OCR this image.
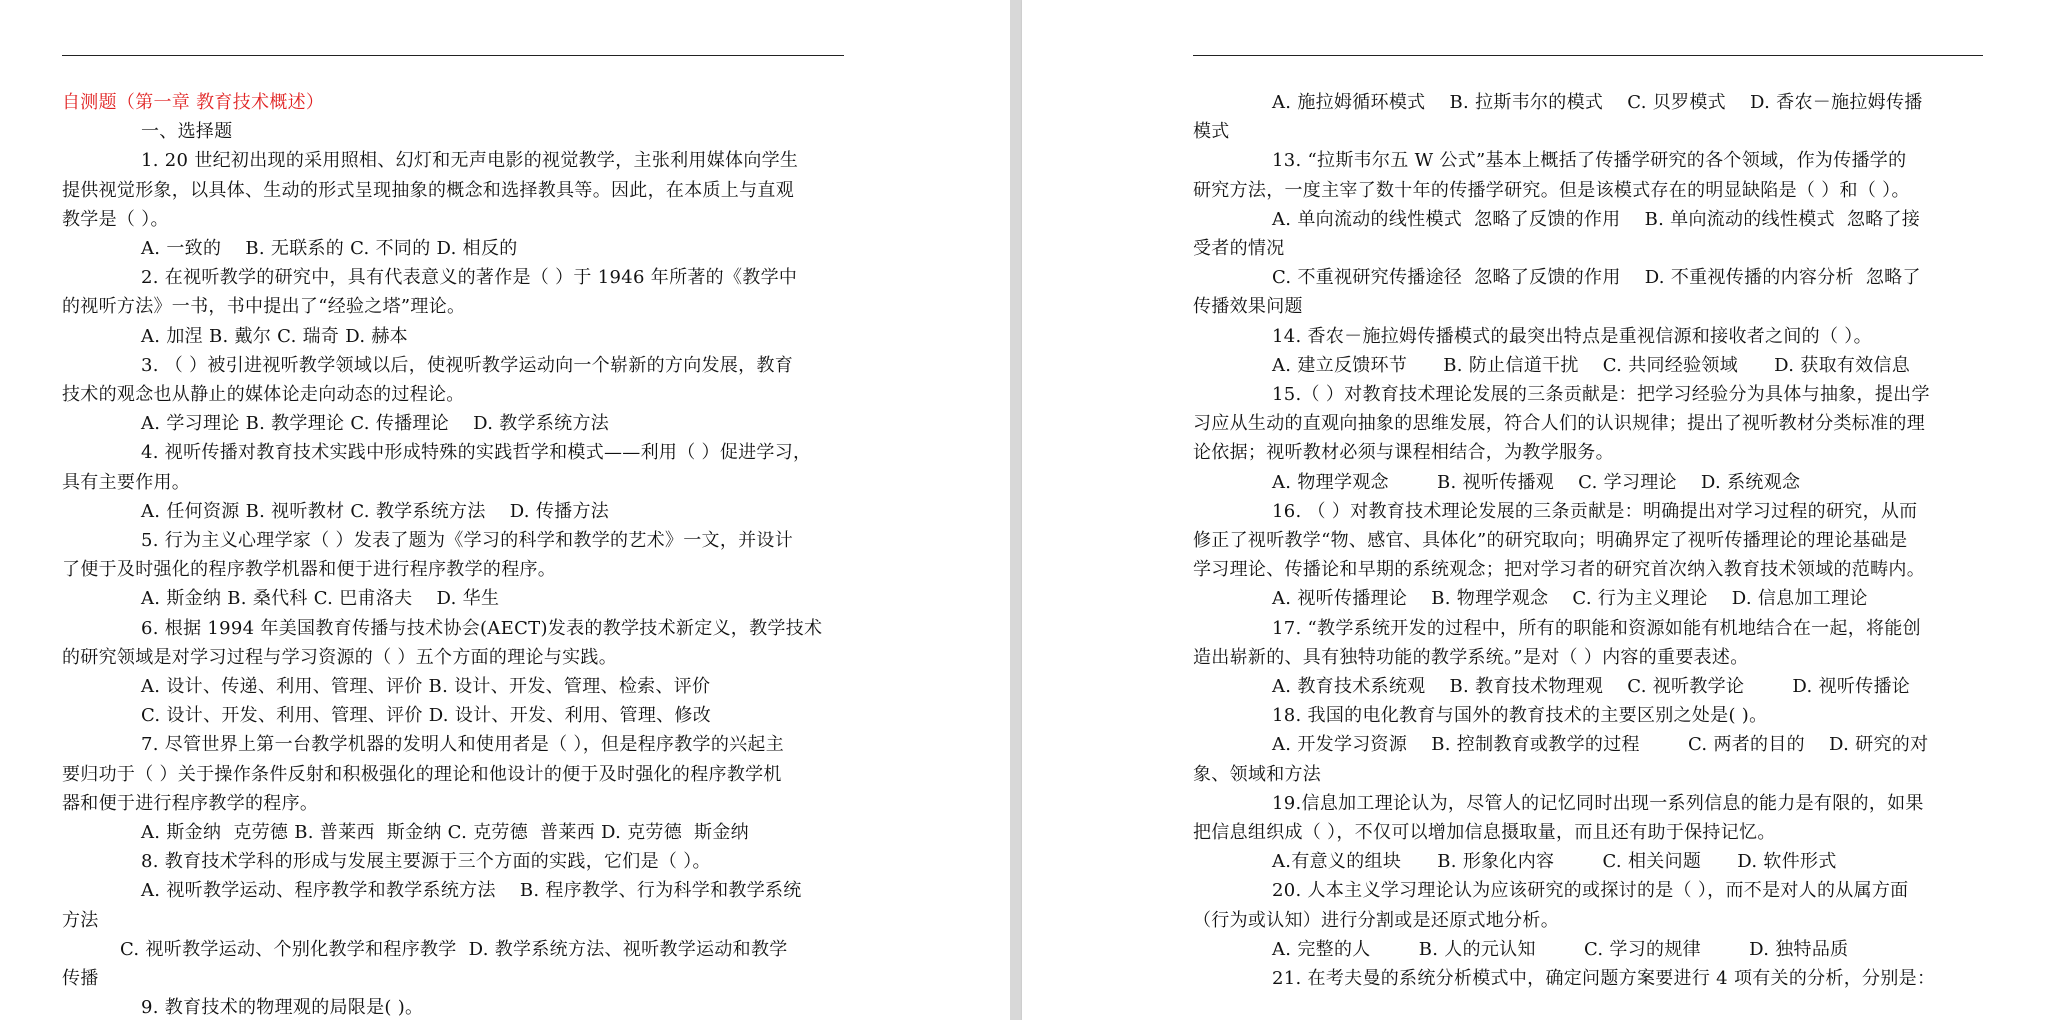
自测题（第一章 教育技术概述）
一、选择题
1. 20 世纪初出现的采用照相、幻灯和无声电影的视觉教学，主张利用媒体向学生
提供视觉形象，以具体、生动的形式呈现抽象的概念和选择教具等。因此，在本质上与直观
教学是（ ）。
A. 一致的    B. 无联系的 C. 不同的 D. 相反的
2. 在视听教学的研究中，具有代表意义的著作是（ ）于 1946 年所著的《教学中
的视听方法》一书，书中提出了“经验之塔”理论。
A. 加涅 B. 戴尔 C. 瑞奇 D. 赫本
3. （ ）被引进视听教学领域以后，使视听教学运动向一个崭新的方向发展，教育
技术的观念也从静止的媒体论走向动态的过程论。
A. 学习理论 B. 教学理论 C. 传播理论    D. 教学系统方法
4. 视听传播对教育技术实践中形成特殊的实践哲学和模式——利用（ ）促进学习，
具有主要作用。
A. 任何资源 B. 视听教材 C. 教学系统方法    D. 传播方法
5. 行为主义心理学家（ ）发表了题为《学习的科学和教学的艺术》一文，并设计
了便于及时强化的程序教学机器和便于进行程序教学的程序。
A. 斯金纳 B. 桑代科 C. 巴甫洛夫    D. 华生
6. 根据 1994 年美国教育传播与技术协会(AECT)发表的教学技术新定义，教学技术
的研究领域是对学习过程与学习资源的（ ）五个方面的理论与实践。
A. 设计、传递、利用、管理、评价 B. 设计、开发、管理、检索、评价
C. 设计、开发、利用、管理、评价 D. 设计、开发、利用、管理、修改
7. 尽管世界上第一台教学机器的发明人和使用者是（ ），但是程序教学的兴起主
要归功于（ ）关于操作条件反射和积极强化的理论和他设计的便于及时强化的程序教学机
器和便于进行程序教学的程序。
A. 斯金纳  克劳德 B. 普莱西  斯金纳 C. 克劳德  普莱西 D. 克劳德  斯金纳
8. 教育技术学科的形成与发展主要源于三个方面的实践，它们是（ ）。
A. 视听教学运动、程序教学和教学系统方法    B. 程序教学、行为科学和教学系统
方法
C. 视听教学运动、个别化教学和程序教学  D. 教学系统方法、视听教学运动和教学
传播
9. 教育技术的物理观的局限是( )。
A. 施拉姆循环模式    B. 拉斯韦尔的模式    C. 贝罗模式    D. 香农－施拉姆传播
模式
13. “拉斯韦尔五 W 公式”基本上概括了传播学研究的各个领域，作为传播学的
研究方法，一度主宰了数十年的传播学研究。但是该模式存在的明显缺陷是（ ）和（ ）。
A. 单向流动的线性模式  忽略了反馈的作用    B. 单向流动的线性模式  忽略了接
受者的情况
C. 不重视研究传播途径  忽略了反馈的作用    D. 不重视传播的内容分析  忽略了
传播效果问题
14. 香农－施拉姆传播模式的最突出特点是重视信源和接收者之间的（ ）。
A. 建立反馈环节      B. 防止信道干扰    C. 共同经验领域      D. 获取有效信息
15.（ ）对教育技术理论发展的三条贡献是：把学习经验分为具体与抽象，提出学
习应从生动的直观向抽象的思维发展，符合人们的认识规律；提出了视听教材分类标准的理
论依据；视听教材必须与课程相结合，为教学服务。
A. 物理学观念        B. 视听传播观    C. 学习理论    D. 系统观念
16. （ ）对教育技术理论发展的三条贡献是：明确提出对学习过程的研究，从而
修正了视听教学“物、感官、具体化”的研究取向；明确界定了视听传播理论的理论基础是
学习理论、传播论和早期的系统观念；把对学习者的研究首次纳入教育技术领域的范畴内。
A. 视听传播理论    B. 物理学观念    C. 行为主义理论    D. 信息加工理论
17. “教学系统开发的过程中，所有的职能和资源如能有机地结合在一起，将能创
造出崭新的、具有独特功能的教学系统。”是对（ ）内容的重要表述。
A. 教育技术系统观    B. 教育技术物理观    C. 视听教学论        D. 视听传播论
18. 我国的电化教育与国外的教育技术的主要区别之处是( )。
A. 开发学习资源    B. 控制教育或教学的过程        C. 两者的目的    D. 研究的对
象、领域和方法
19.信息加工理论认为，尽管人的记忆同时出现一系列信息的能力是有限的，如果
把信息组织成（ ），不仅可以增加信息摄取量，而且还有助于保持记忆。
A.有意义的组块      B. 形象化内容        C. 相关问题      D. 软件形式
20. 人本主义学习理论认为应该研究的或探讨的是（ ），而不是对人的从属方面
（行为或认知）进行分割或是还原式地分析。
A. 完整的人        B. 人的元认知        C. 学习的规律        D. 独特品质
21. 在考夫曼的系统分析模式中，确定问题方案要进行 4 项有关的分析，分别是：
